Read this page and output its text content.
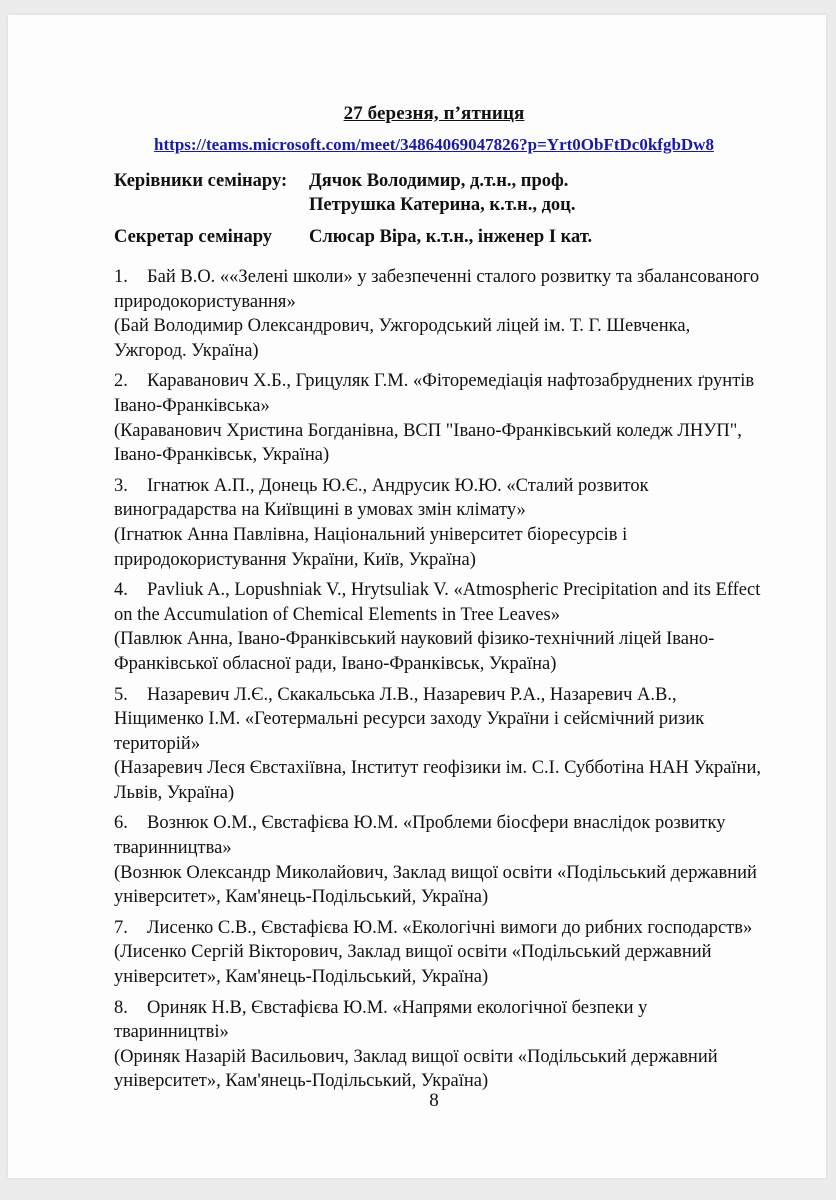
27 березня, п’ятниця
https://teams.microsoft.com/meet/34864069047826?p=Yrt0ObFtDc0kfgbDw8
Керівники семінару: Дячок Володимир, д.т.н., проф.
Петрушка Катерина, к.т.н., доц.
Секретар семінару Слюсар Віра, к.т.н., інженер І кат.
1. Бай В.О. ««Зелені школи» у забезпеченні сталого розвитку та збалансованого природокористування»
(Бай Володимир Олександрович, Ужгородський ліцей ім. Т. Г. Шевченка, Ужгород. Україна)
2. Караванович Х.Б., Грицуляк Г.М. «Фіторемедіація нафтозабруднених ґрунтів Івано-Франківська»
(Караванович Христина Богданівна, ВСП "Івано-Франківський коледж ЛНУП", Івано-Франківськ, Україна)
3. Ігнатюк А.П., Донець Ю.Є., Андрусик Ю.Ю. «Сталий розвиток виноградарства на Київщині в умовах змін клімату»
(Ігнатюк Анна Павлівна, Національний університет біоресурсів і природокористування України, Київ, Україна)
4. Pavliuk A., Lopushniak V., Hrytsuliak V. «Atmospheric Precipitation and its Effect on the Accumulation of Chemical Elements in Tree Leaves»
(Павлюк Анна, Івано-Франківський науковий фізико-технічний ліцей Івано-Франківської обласної ради, Івано-Франківськ, Україна)
5. Назаревич Л.Є., Скакальська Л.В., Назаревич Р.А., Назаревич А.В., Ніщименко І.М. «Геотермальні ресурси заходу України і сейсмічний ризик територій»
(Назаревич Леся Євстахіївна, Інститут геофізики ім. С.І. Субботіна НАН України, Львів, Україна)
6. Вознюк О.М., Євстафієва Ю.М. «Проблеми біосфери внаслідок розвитку тваринництва»
(Вознюк Олександр Миколайович, Заклад вищої освіти «Подільський державний університет», Кам'янець-Подільський, Україна)
7. Лисенко С.В., Євстафієва Ю.М. «Екологічні вимоги до рибних господарств»
(Лисенко Сергій Вікторович, Заклад вищої освіти «Подільський державний університет», Кам'янець-Подільський, Україна)
8. Ориняк Н.В, Євстафієва Ю.М. «Напрями екологічної безпеки у тваринництві»
(Ориняк Назарій Васильович, Заклад вищої освіти «Подільський державний університет», Кам'янець-Подільський, Україна)
8
